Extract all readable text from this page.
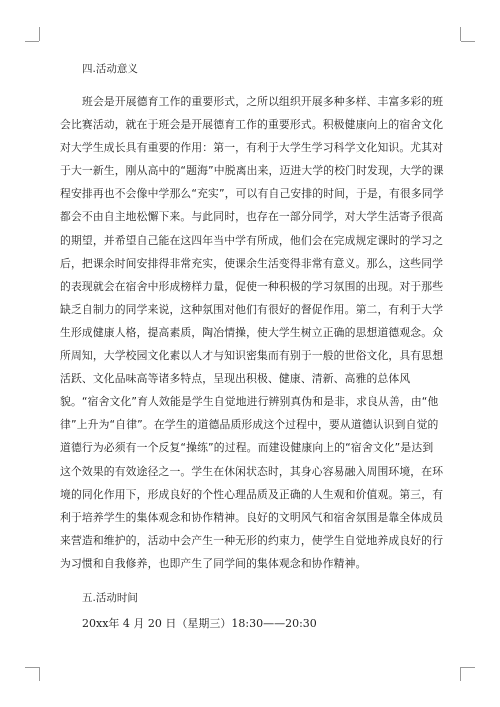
四.活动意义

班会是开展德育工作的重要形式，之所以组织开展多种多样、丰富多彩的班会比赛活动，就在于班会是开展德育工作的重要形式。积极健康向上的宿舍文化对大学生成长具有重要的作用：第一，有利于大学生学习科学文化知识。尤其对于大一新生，刚从高中的“题海”中脱离出来，迈进大学的校门时发现，大学的课程安排再也不会像中学那么“充实”，可以有自己安排的时间，于是，有很多同学都会不由自主地松懈下来。与此同时，也存在一部分同学，对大学生活寄予很高的期望，并希望自己能在这四年当中学有所成，他们会在完成规定课时的学习之后，把课余时间安排得非常充实，使课余生活变得非常有意义。那么，这些同学的表现就会在宿舍中形成榜样力量，促使一种积极的学习氛围的出现。对于那些缺乏自制力的同学来说，这种氛围对他们有很好的督促作用。第二，有利于大学生形成健康人格，提高素质，陶冶情操，使大学生树立正确的思想道德观念。众所周知，大学校园文化素以人才与知识密集而有别于一般的世俗文化，具有思想活跃、文化品味高等诸多特点，呈现出积极、健康、清新、高雅的总体风貌。“宿舍文化”育人效能是学生自觉地进行辨别真伪和是非，求良从善，由“他律”上升为“自律”。在学生的道德品质形成这个过程中，要从道德认识到自觉的道德行为必须有一个反复“操练”的过程。而建设健康向上的“宿舍文化”是达到这个效果的有效途径之一。学生在休闲状态时，其身心容易融入周围环境，在环境的同化作用下，形成良好的个性心理品质及正确的人生观和价值观。第三，有利于培养学生的集体观念和协作精神。良好的文明风气和宿舍氛围是靠全体成员来营造和维护的，活动中会产生一种无形的约束力，使学生自觉地养成良好的行为习惯和自我修养，也即产生了同学间的集体观念和协作精神。

五.活动时间
20xx年 4 月 20 日（星期三）18:30——20:30
